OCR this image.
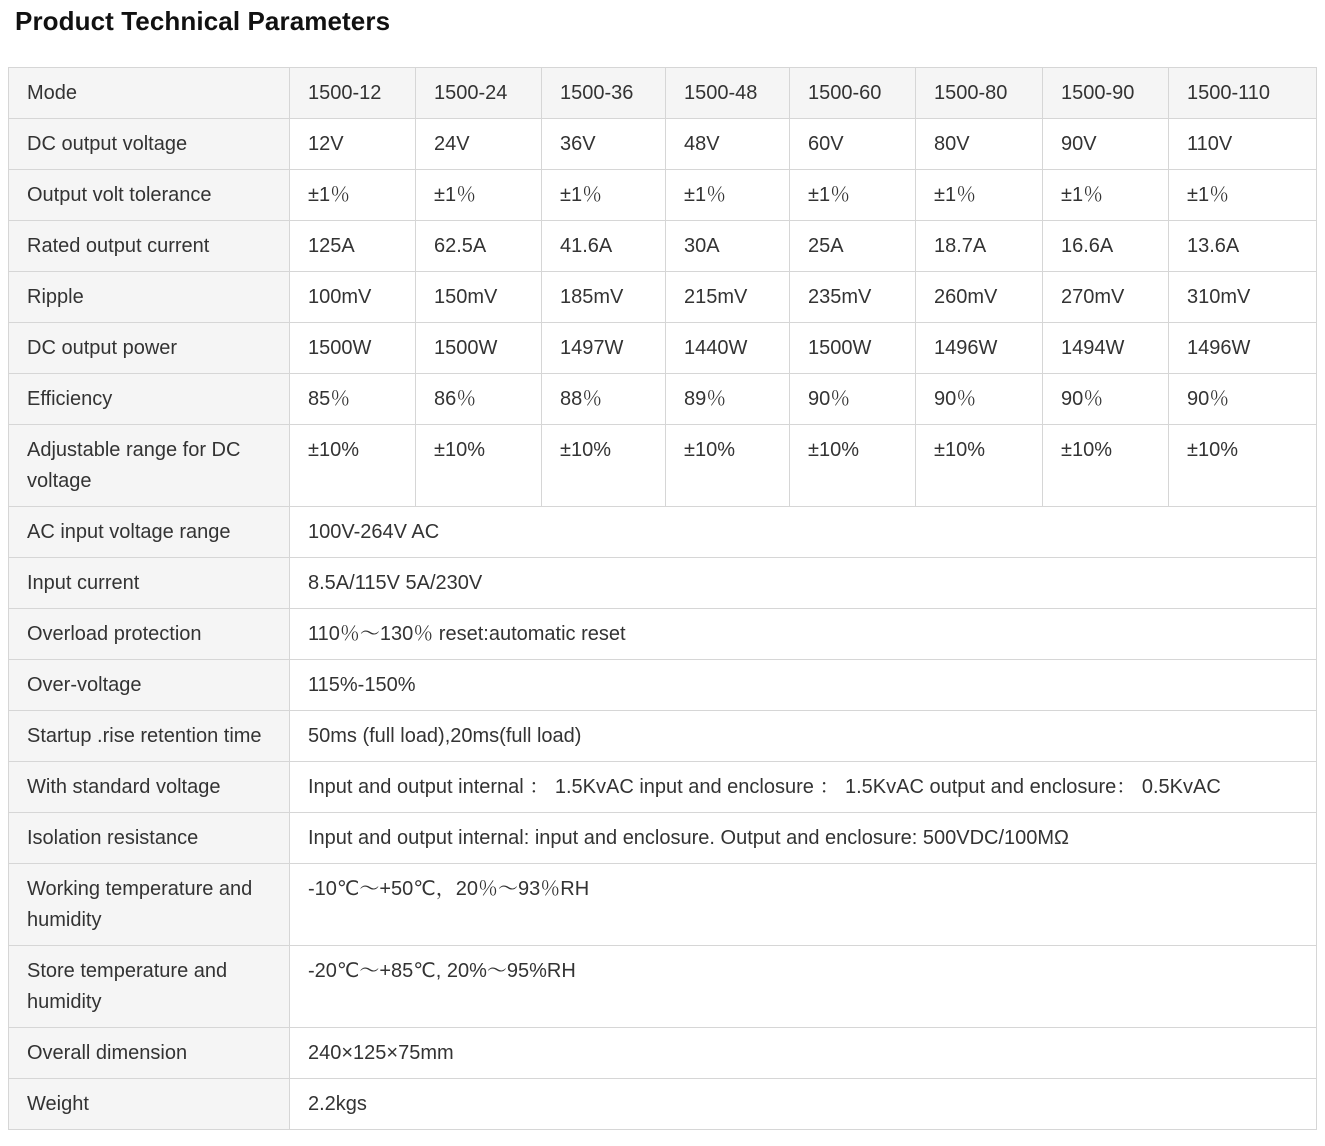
Product Technical Parameters
Mode	1500-12	1500-24	1500-36	1500-48	1500-60	1500-80	1500-90	1500-110
DC output voltage	12V	24V	36V	48V	60V	80V	90V	110V
Output volt tolerance	±1％	±1％	±1％	±1％	±1％	±1％	±1％	±1％
Rated output current	125A	62.5A	41.6A	30A	25A	18.7A	16.6A	13.6A
Ripple	100mV	150mV	185mV	215mV	235mV	260mV	270mV	310mV
DC output power	1500W	1500W	1497W	1440W	1500W	1496W	1494W	1496W
Efficiency	85％	86％	88％	89％	90％	90％	90％	90％
Adjustable range for DC voltage	±10%	±10%	±10%	±10%	±10%	±10%	±10%	±10%
AC input voltage range	100V-264V AC							
Input current	8.5A/115V 5A/230V							
Overload protection	110％～130％ reset:automatic reset							
Over-voltage	115%-150%							
Startup .rise retention time	50ms (full load),20ms(full load)							
With standard voltage	Input and output internal ： 1.5KvAC input and enclosure ： 1.5KvAC output and enclosure： 0.5KvAC							
Isolation resistance	Input and output internal: input and enclosure. Output and enclosure: 500VDC/100MΩ							
Working temperature and humidity	-10℃～+50℃，20％～93％RH							
Store temperature and humidity	-20℃～+85℃, 20%～95%RH							
Overall dimension	240×125×75mm							
Weight	2.2kgs							
